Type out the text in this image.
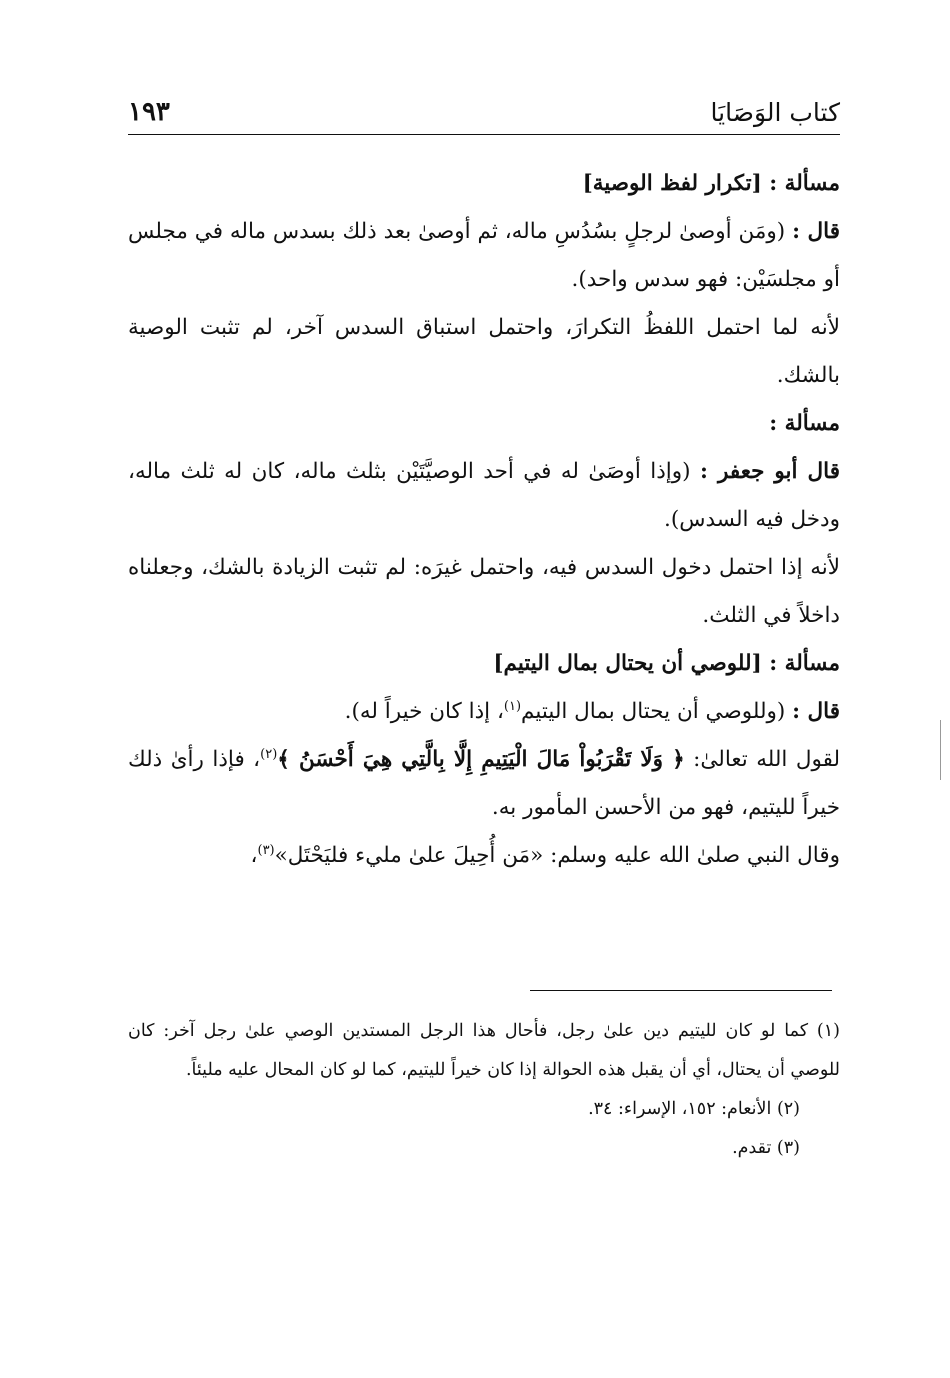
كتاب الوَصَايَا
١٩٣

مسألة : [تكرار لفظ الوصية]

قال : (ومَن أوصىٰ لرجلٍ بسُدُسِ ماله، ثم أوصىٰ بعد ذلك بسدس ماله في مجلس أو مجلسَيْن: فهو سدس واحد).

لأنه لما احتمل اللفظُ التكرارَ، واحتمل استباق السدس آخر، لم تثبت الوصية بالشك.

مسألة :

قال أبو جعفر : (وإذا أوصَىٰ له في أحد الوصيَّتَيْن بثلث ماله، كان له ثلث ماله، ودخل فيه السدس).

لأنه إذا احتمل دخول السدس فيه، واحتمل غيرَه: لم تثبت الزيادة بالشك، وجعلناه داخلاً في الثلث.

مسألة : [للوصي أن يحتال بمال اليتيم]

قال : (وللوصي أن يحتال بمال اليتيم$^{(١)}$، إذا كان خيراً له).

لقول الله تعالىٰ: ﴿ وَلَا تَقْرَبُواْ مَالَ الْيَتِيمِ إِلَّا بِالَّتِي هِيَ أَحْسَنُ ﴾$^{(٢)}$، فإذا رأىٰ ذلك خيراً لليتيم، فهو من الأحسن المأمور به.

وقال النبي صلىٰ الله عليه وسلم: «مَن أُحِيلَ علىٰ مليء فليَحْتَل»$^{(٣)}$،

(١) كما لو كان لليتيم دين علىٰ رجل، فأحال هذا الرجل المستدين الوصي علىٰ رجل آخر: كان للوصي أن يحتال، أي أن يقبل هذه الحوالة إذا كان خيراً لليتيم، كما لو كان المحال عليه مليئاً.

(٢) الأنعام: ١٥٢، الإسراء: ٣٤.

(٣) تقدم.
